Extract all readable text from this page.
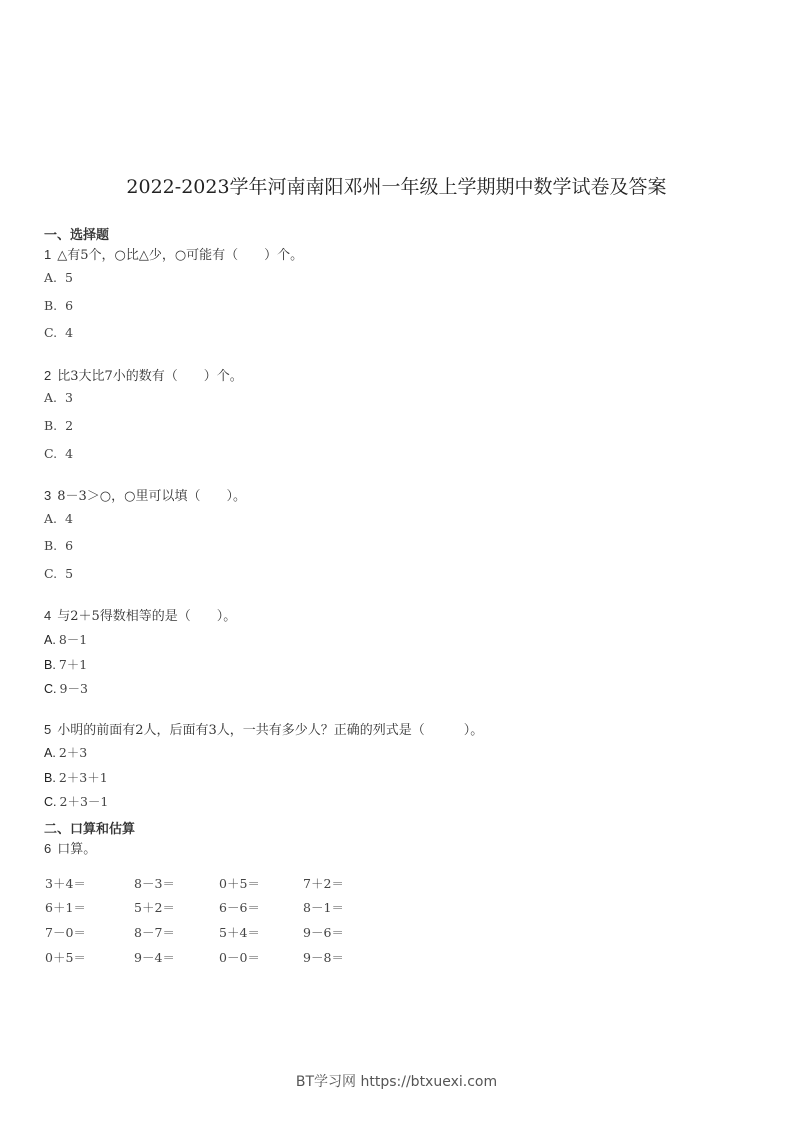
2022-2023学年河南南阳邓州一年级上学期期中数学试卷及答案
一、选择题
1 △有5个，○比△少，○可能有（　　）个。
A. 5
B. 6
C. 4
2 比3大比7小的数有（　　）个。
A. 3
B. 2
C. 4
3 8－3＞○，○里可以填（　　）。
A. 4
B. 6
C. 5
4 与2＋5得数相等的是（　　）。
A. 8－1
B. 7＋1
C. 9－3
5 小明的前面有2人，后面有3人，一共有多少人？正确的列式是（　　　）。
A. 2＋3
B. 2＋3＋1
C. 2＋3－1
二、口算和估算
6 口算。
3＋4＝	8－3＝	0＋5＝	7＋2＝
6＋1＝	5＋2＝	6－6＝	8－1＝
7－0＝	8－7＝	5＋4＝	9－6＝
0＋5＝	9－4＝	0－0＝	9－8＝
BT学习网 https://btxuexi.com
